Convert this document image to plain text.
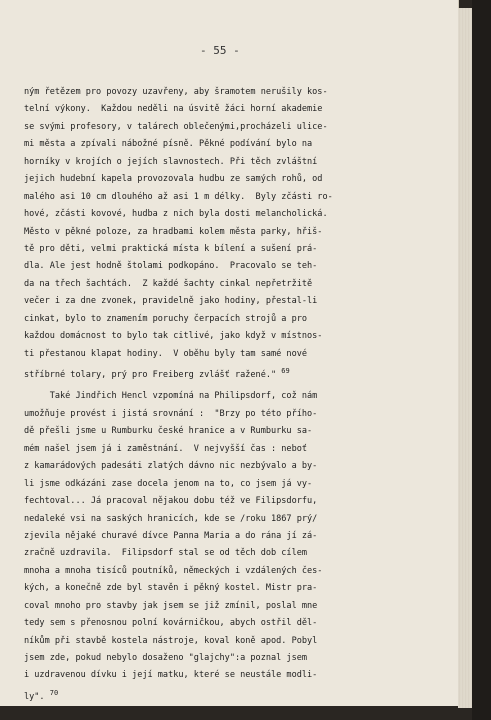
- 55 -
ným řetězem pro povozy uzavřeny, aby šramotem nerušily kos-
telní výkony.  Každou neděli na úsvitě žáci horní akademie
se svými profesory, v talárech oblečenými,procházeli ulice-
mi města a zpívali nábožné písně. Pěkné podívání bylo na
horníky v krojích o jejích slavnostech. Při těch zvláštní
jejich hudební kapela provozovala hudbu ze samých rohů, od
malého asi 10 cm dlouhého až asi 1 m délky.  Byly zčásti ro-
hové, zčásti kovové, hudba z nich byla dosti melancholická.
Město v pěkné poloze, za hradbami kolem města parky, hřiš-
tě pro děti, velmi praktická místa k bílení a sušení prá-
dla. Ale jest hodně štolami podkopáno.  Pracovalo se teh-
da na třech šachtách.  Z každé šachty cinkal nepřetržitě
večer i za dne zvonek, pravidelně jako hodiny, přestal-li
cinkat, bylo to znamením poruchy čerpacích strojů a pro
každou domácnost to bylo tak citlivé, jako když v místnos-
ti přestanou klapat hodiny.  V oběhu byly tam samé nové
stříbrné tolary, prý pro Freiberg zvlášť ražené." $^{69}$
Také Jindřich Hencl vzpomíná na Philipsdorf, což nám
umožňuje provést i jistá srovnání :  "Brzy po této přího-
dě přešli jsme u Rumburku české hranice a v Rumburku sa-
mém našel jsem já i zaměstnání.  V nejvyšší čas : neboť
z kamarádových padesáti zlatých dávno nic nezbývalo a by-
li jsme odkázáni zase docela jenom na to, co jsem já vy-
fechtoval... Já pracoval nějakou dobu též ve Filipsdorfu,
nedaleké vsi na saských hranicích, kde se /roku 1867 prý/
zjevila nějaké churavé dívce Panna Maria a do rána jí zá-
zračně uzdravila.  Filipsdorf stal se od těch dob cílem
mnoha a mnoha tisíců poutníků, německých i vzdálených čes-
kých, a konečně zde byl stavěn i pěkný kostel. Mistr pra-
coval mnoho pro stavby jak jsem se již zmínil, poslal mne
tedy sem s přenosnou polní kovárničkou, abych ostřil děl-
níkům při stavbě kostela nástroje, koval koně apod. Pobyl
jsem zde, pokud nebylo dosaženo "glajchy":a poznal jsem
i uzdravenou dívku i její matku, které se neustále modli-
ly". $^{70}$
